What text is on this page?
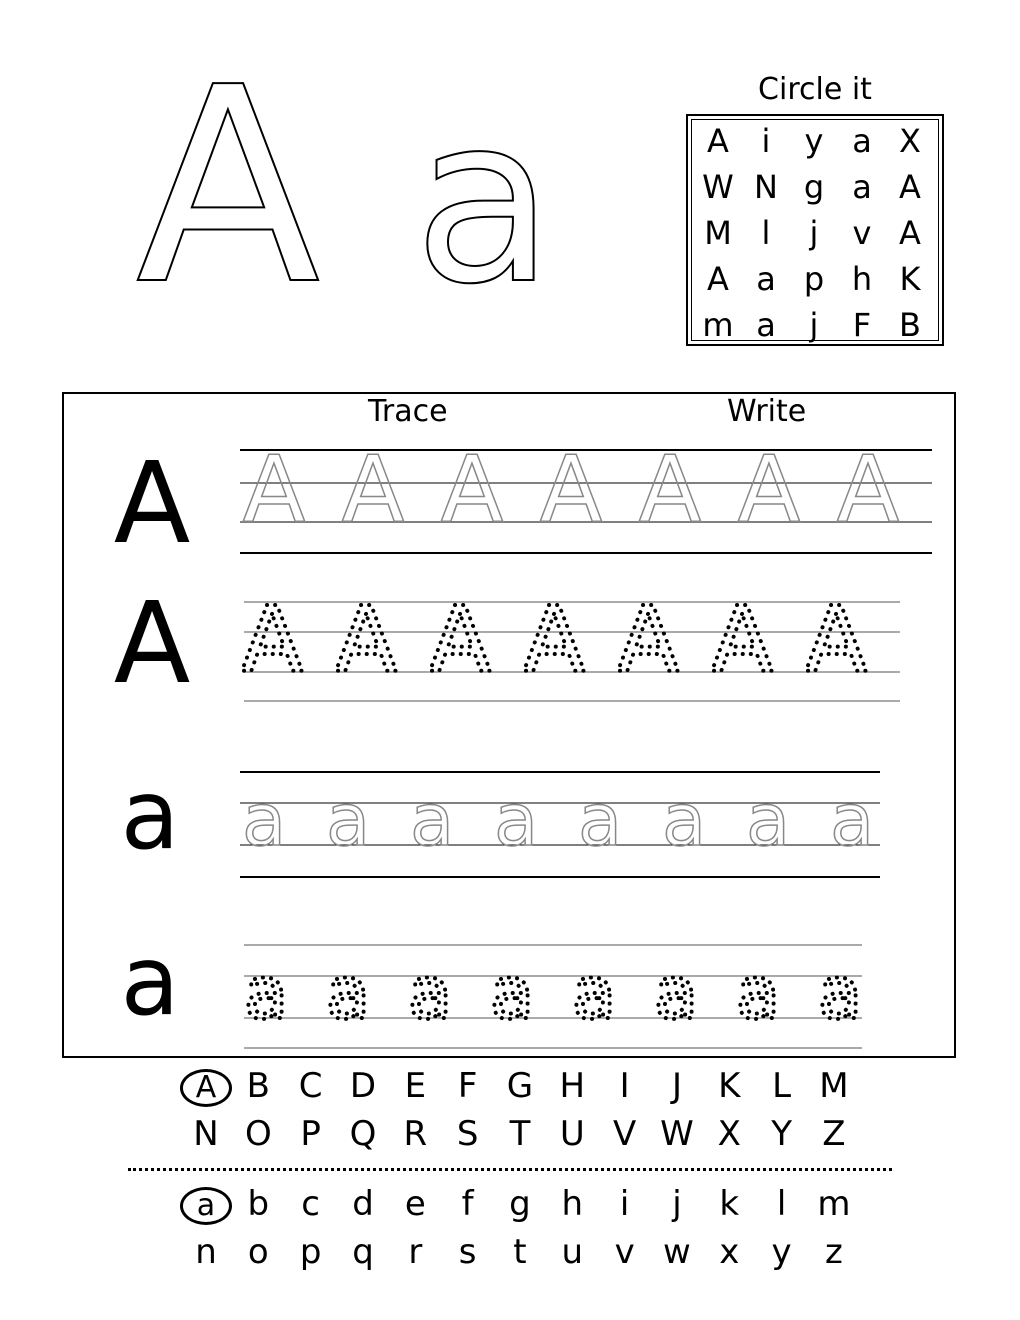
A a	Circle it
A	i	y a X
W N g a A
M l	j	v A
A a p h K
m a	j	F B
Trace	Write
A A A A A A A A
A A A A A A A A
a a a a a a a a a
a a a a a a a a a
A B C D E F G H	I	J	K L M
N O P Q R S T U V W X Y Z
a b c d e	f	g h	i	j	k	l m
n o p q	r	s	t	u v w x y z
